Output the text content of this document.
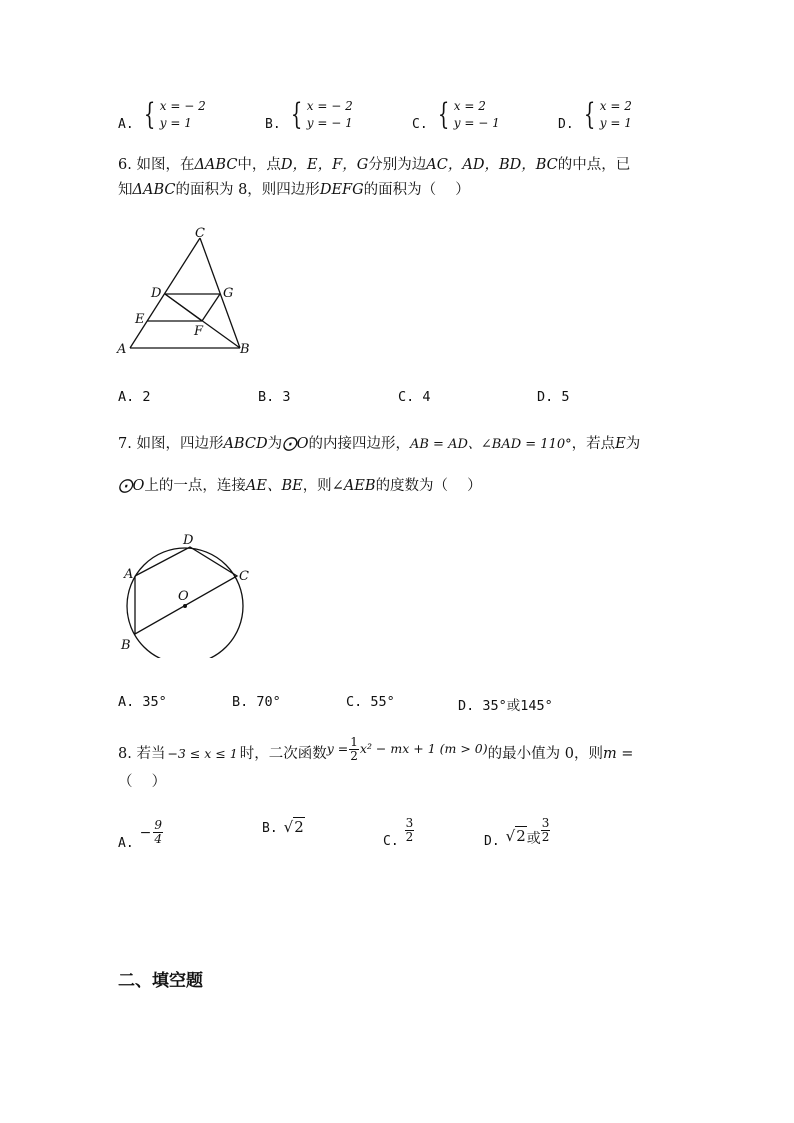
A. { x = − 2
y = 1	B. { x = − 2
y = − 1	C. { x = 2
y = − 1	D. { x = 2
y = 1
6. 如图，在ΔABC中，点D，E，F，G分别为边AC，AD，BD，BC的中点，已
知ΔABC的面积为 8，则四边形DEFG的面积为（　 ）
C
D	G
E
F
A	B
A. 2	B. 3	C. 4	D. 5
7. 如图，四边形ABCD为⨀O的内接四边形，AB = AD、∠BAD = 110°，若点E为
⨀O上的一点，连接AE、BE，则∠AEB的度数为（　 ）
A
B
C
D
O
A. 35°	B. 70°	C. 55°	D. 35°或145°
8. 若当 −3 ≤ x ≤ 1 时，二次函数 $y = \frac{1}{2} x^2$ − mx + 1 (m > 0) 的最小值为 0，则 m =
（　 ）
A.
− $\frac{9}{4}$	B. √2
C. $\frac{3}{2}$	D. √2 或 $\frac{3}{2}$
二、填空题
